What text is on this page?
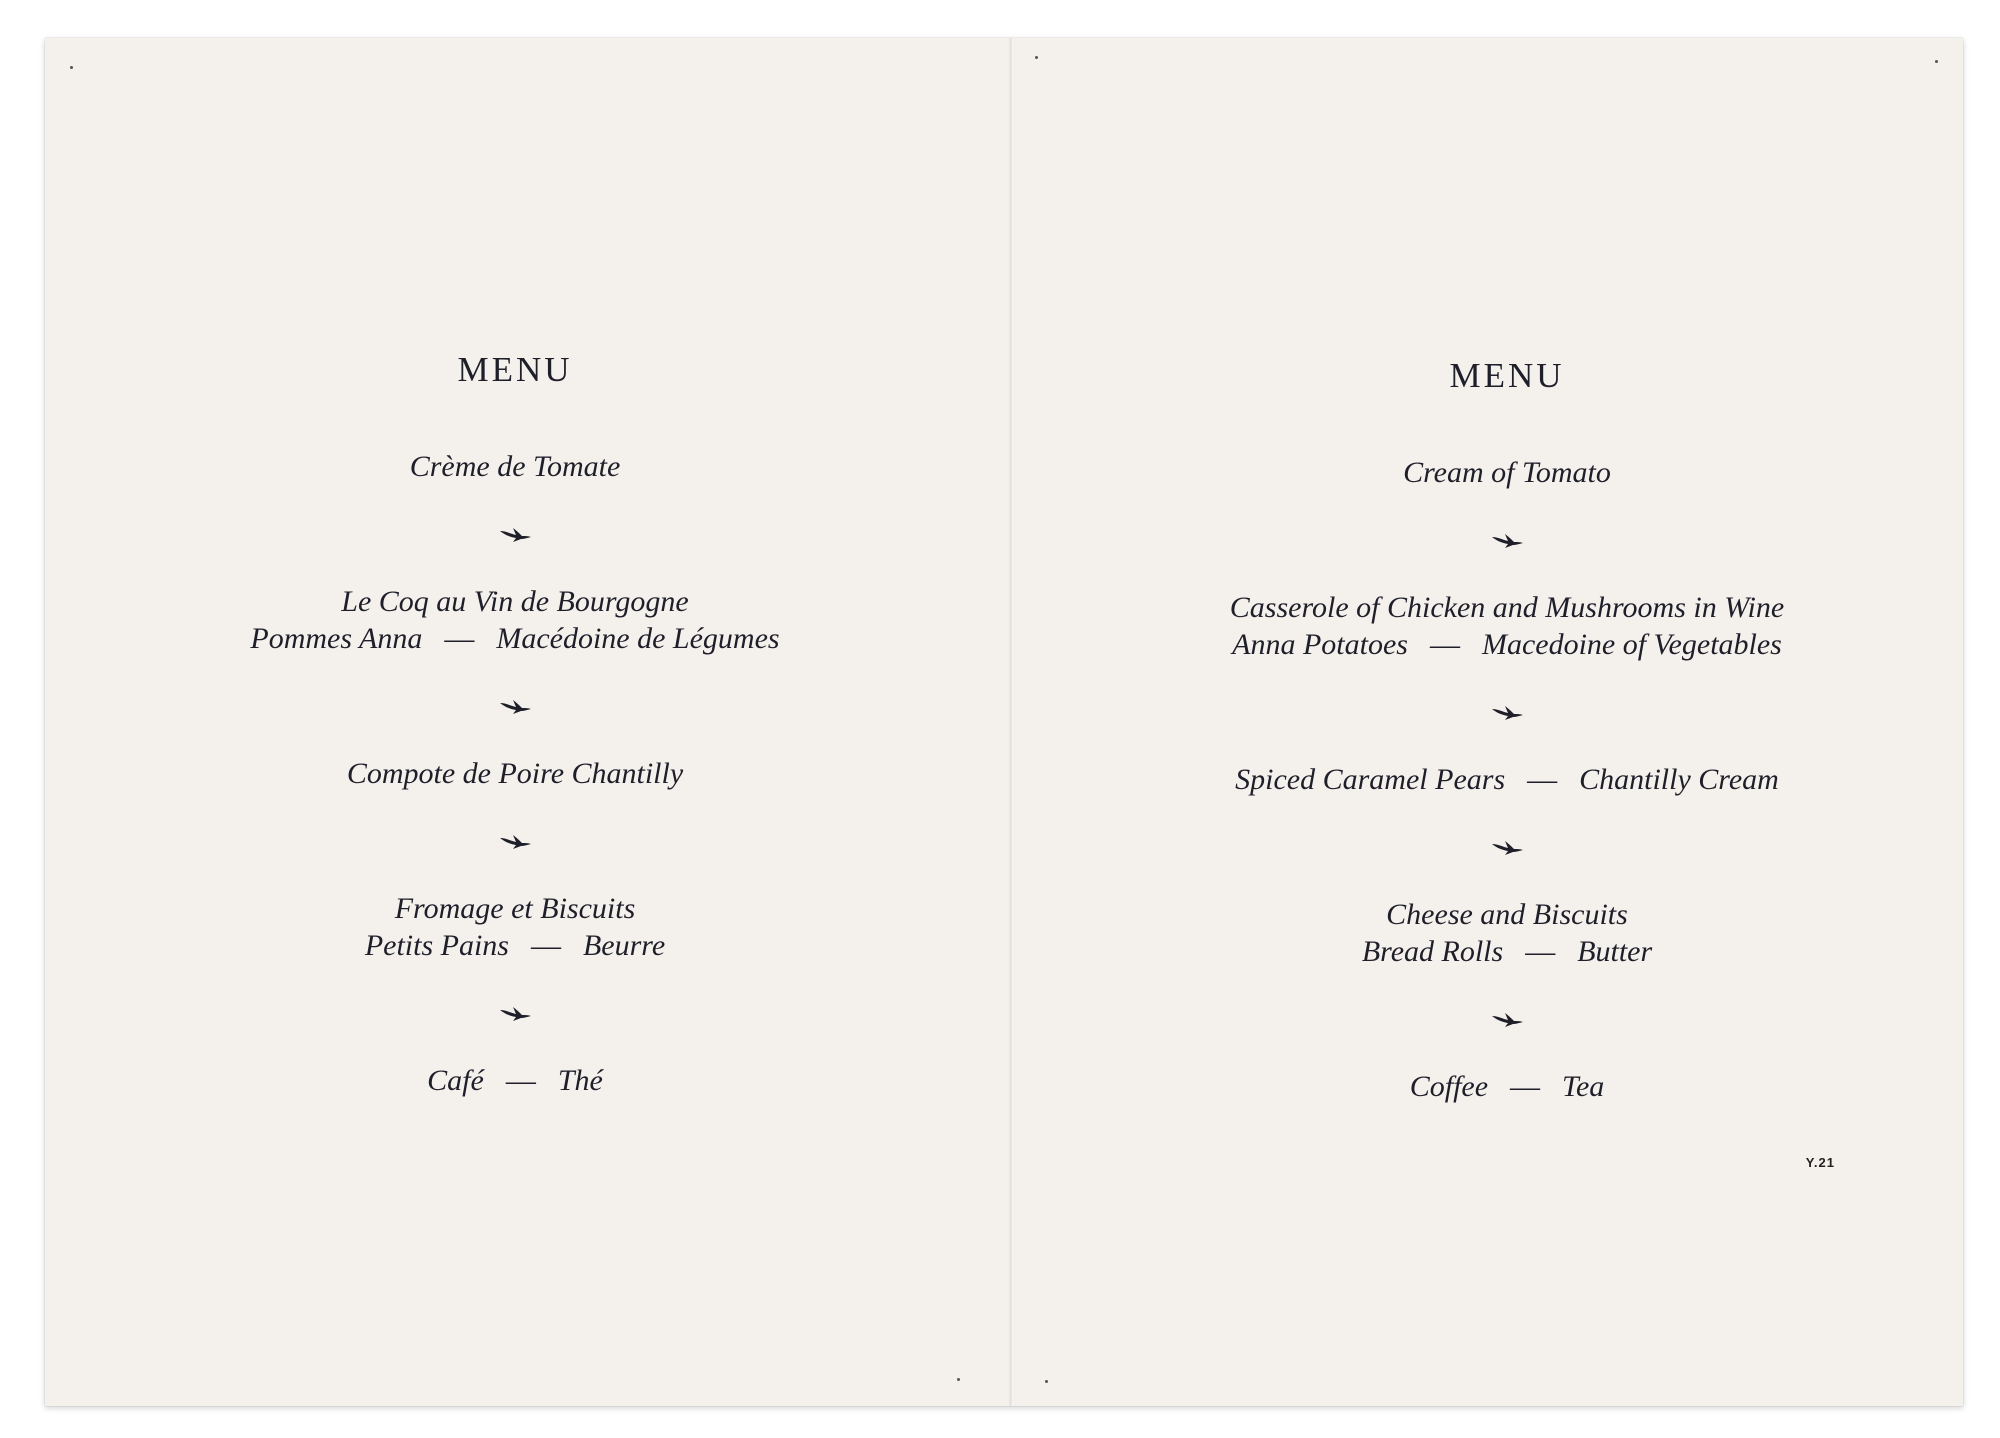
MENU
Crème de Tomate
Le Coq au Vin de Bourgogne
Pommes Anna — Macédoine de Légumes
Compote de Poire Chantilly
Fromage et Biscuits
Petits Pains — Beurre
Café — Thé
MENU
Cream of Tomato
Casserole of Chicken and Mushrooms in Wine
Anna Potatoes — Macedoine of Vegetables
Spiced Caramel Pears — Chantilly Cream
Cheese and Biscuits
Bread Rolls — Butter
Coffee — Tea
Y.21
